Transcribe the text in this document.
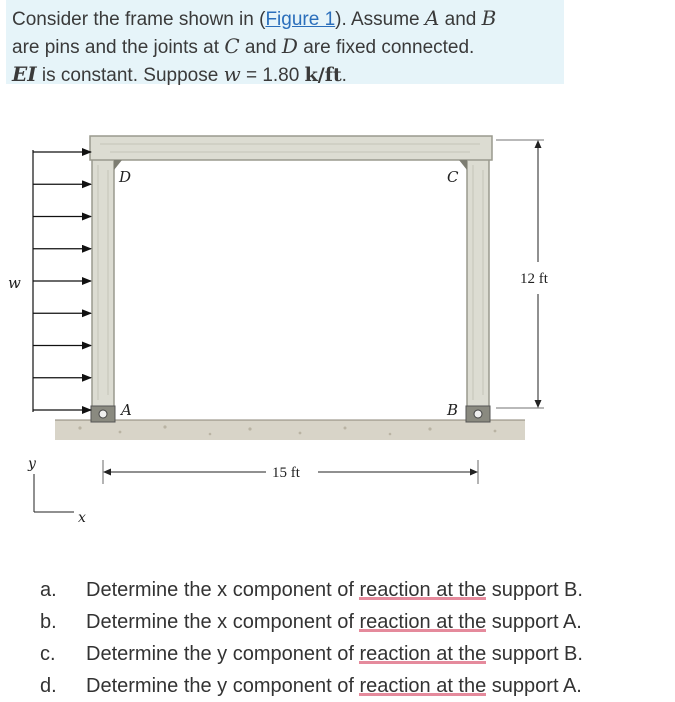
Consider the frame shown in (Figure 1). Assume A and B

are pins and the joints at C and D are fixed connected.

EI is constant. Suppose w = 1.80 k/ft.

w
D	C
A	B
12 ft
15 ft
y
x
a. Determine the x component of reaction at the support B.
b. Determine the x component of reaction at the support A.
c. Determine the y component of reaction at the support B.
d. Determine the y component of reaction at the support A.
